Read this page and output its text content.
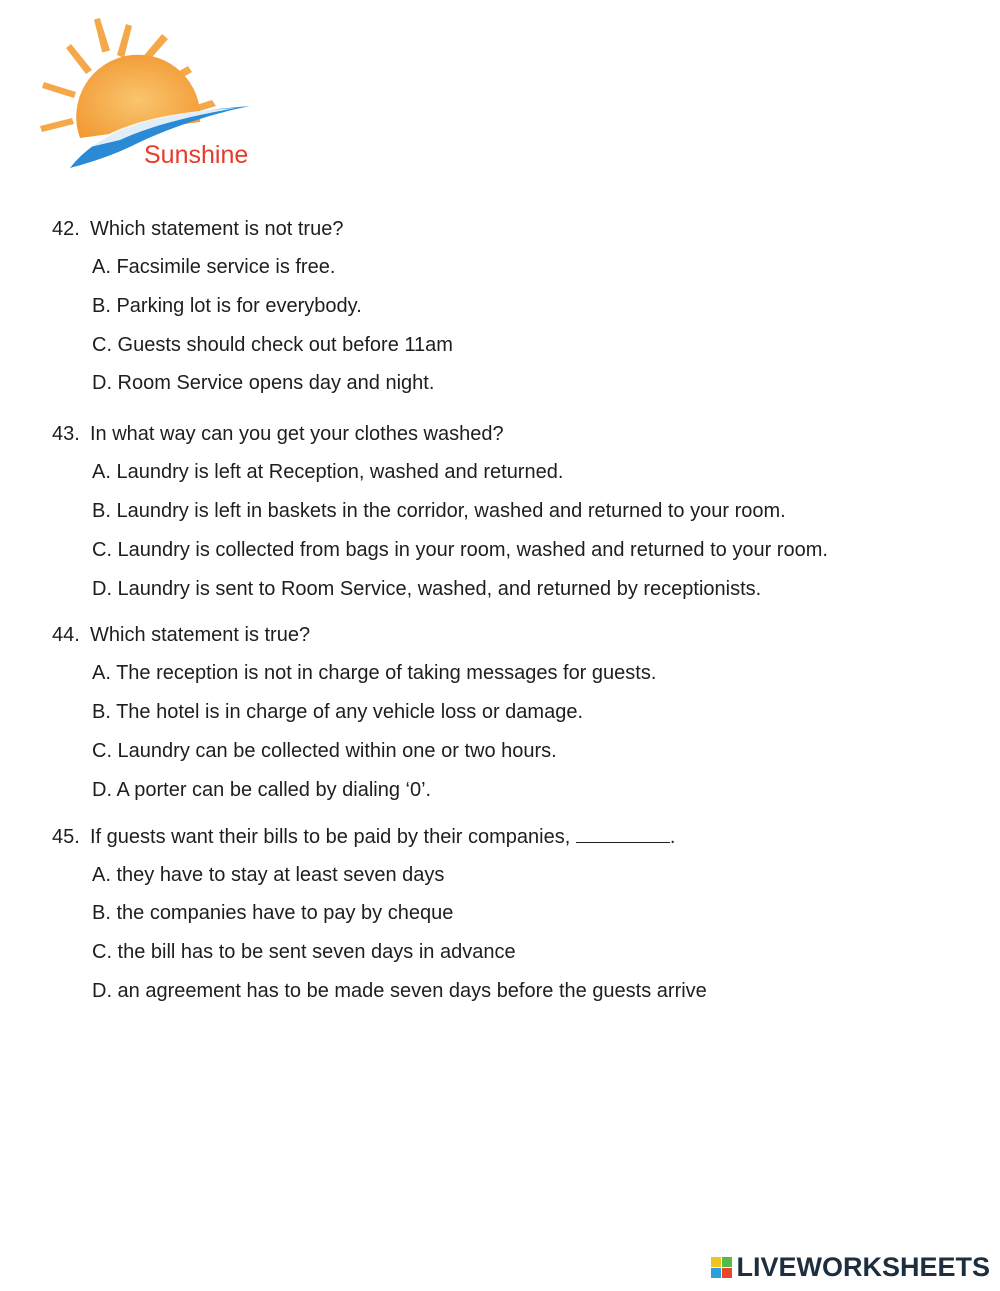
Sunshine
42. Which statement is not true?
A. Facsimile service is free.
B. Parking lot is for everybody.
C. Guests should check out before 11am
D. Room Service opens day and night.
43. In what way can you get your clothes washed?
A. Laundry is left at Reception, washed and returned.
B. Laundry is left in baskets in the corridor, washed and returned to your room.
C. Laundry is collected from bags in your room, washed and returned to your room.
D. Laundry is sent to Room Service, washed, and returned by receptionists.
44. Which statement is true?
A. The reception is not in charge of taking messages for guests.
B. The hotel is in charge of any vehicle loss or damage.
C. Laundry can be collected within one or two hours.
D. A porter can be called by dialing ‘0’.
45. If guests want their bills to be paid by their companies,	.
A. they have to stay at least seven days
B. the companies have to pay by cheque
C. the bill has to be sent seven days in advance
D. an agreement has to be made seven days before the guests arrive
LIVEWORKSHEETS
